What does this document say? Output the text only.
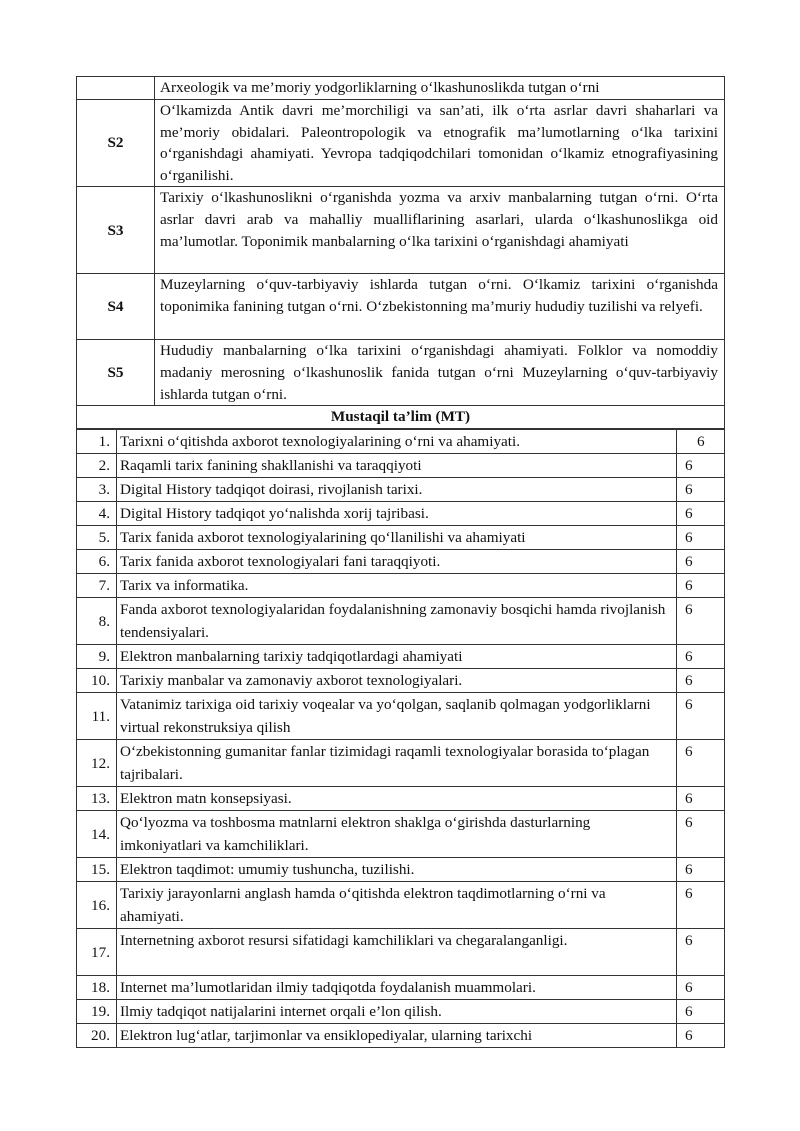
	Arxeologik va me’moriy yodgorliklarning o‘lkashunoslikda tutgan o‘rni

S2	O‘lkamizda Antik davri me’morchiligi va san’ati, ilk o‘rta asrlar davri shaharlari va me’moriy obidalari. Paleontropologik va etnografik ma’lumotlarning o‘lka tarixini o‘rganishdagi ahamiyati. Yevropa tadqiqodchilari tomonidan o‘lkamiz etnografiyasining o‘rganilishi.

S3	Tarixiy o‘lkashunoslikni o‘rganishda yozma va arxiv manbalarning tutgan o‘rni. O‘rta asrlar davri arab va mahalliy mualliflarining asarlari, ularda o‘lkashunoslikga oid ma’lumotlar. Toponimik manbalarning o‘lka tarixini o‘rganishdagi ahamiyati

S4	Muzeylarning o‘quv-tarbiyaviy ishlarda tutgan o‘rni. O‘lkamiz tarixini o‘rganishda toponimika fanining tutgan o‘rni. O‘zbekistonning ma’muriy hududiy tuzilishi va relyefi.

S5	Hududiy manbalarning o‘lka tarixini o‘rganishdagi ahamiyati. Folklor va nomoddiy madaniy merosning o‘lkashunoslik fanida tutgan o‘rni Muzeylarning o‘quv-tarbiyaviy ishlarda tutgan o‘rni.

Mustaqil ta’lim (MT)	
1.	Tarixni o‘qitishda axborot texnologiyalarining o‘rni va ahamiyati.	6
2.	Raqamli tarix fanining shakllanishi va taraqqiyoti	6
3.	Digital History tadqiqot doirasi, rivojlanish tarixi.	6
4.	Digital History tadqiqot yo‘nalishda xorij tajribasi.	6
5.	Tarix fanida axborot texnologiyalarining qo‘llanilishi va ahamiyati	6
6.	Tarix fanida axborot texnologiyalari fani taraqqiyoti.	6
7.	Tarix va informatika.	6
8.	Fanda axborot texnologiyalaridan foydalanishning zamonaviy bosqichi hamda rivojlanish tendensiyalari.	6
9.	Elektron manbalarning tarixiy tadqiqotlardagi ahamiyati	6
10.	Tarixiy manbalar va zamonaviy axborot texnologiyalari.	6
11.	Vatanimiz tarixiga oid tarixiy voqealar va yo‘qolgan, saqlanib qolmagan yodgorliklarni virtual rekonstruksiya qilish	6
12.	O‘zbekistonning gumanitar fanlar tizimidagi raqamli texnologiyalar borasida to‘plagan tajribalari.	6
13.	Elektron matn konsepsiyasi.	6
14.	Qo‘lyozma va toshbosma matnlarni elektron shaklga o‘girishda dasturlarning imkoniyatlari va kamchiliklari.	6
15.	Elektron taqdimot: umumiy tushuncha, tuzilishi.	6
16.	Tarixiy jarayonlarni anglash hamda o‘qitishda elektron taqdimotlarning o‘rni va ahamiyati.	6
17.	Internetning axborot resursi sifatidagi kamchiliklari va chegaralanganligi.	6
18.	Internet ma’lumotlaridan ilmiy tadqiqotda foydalanish muammolari.	6
19.	Ilmiy tadqiqot natijalarini internet orqali e’lon qilish.	6
20.	Elektron lug‘atlar, tarjimonlar va ensiklopediyalar, ularning tarixchi	6
